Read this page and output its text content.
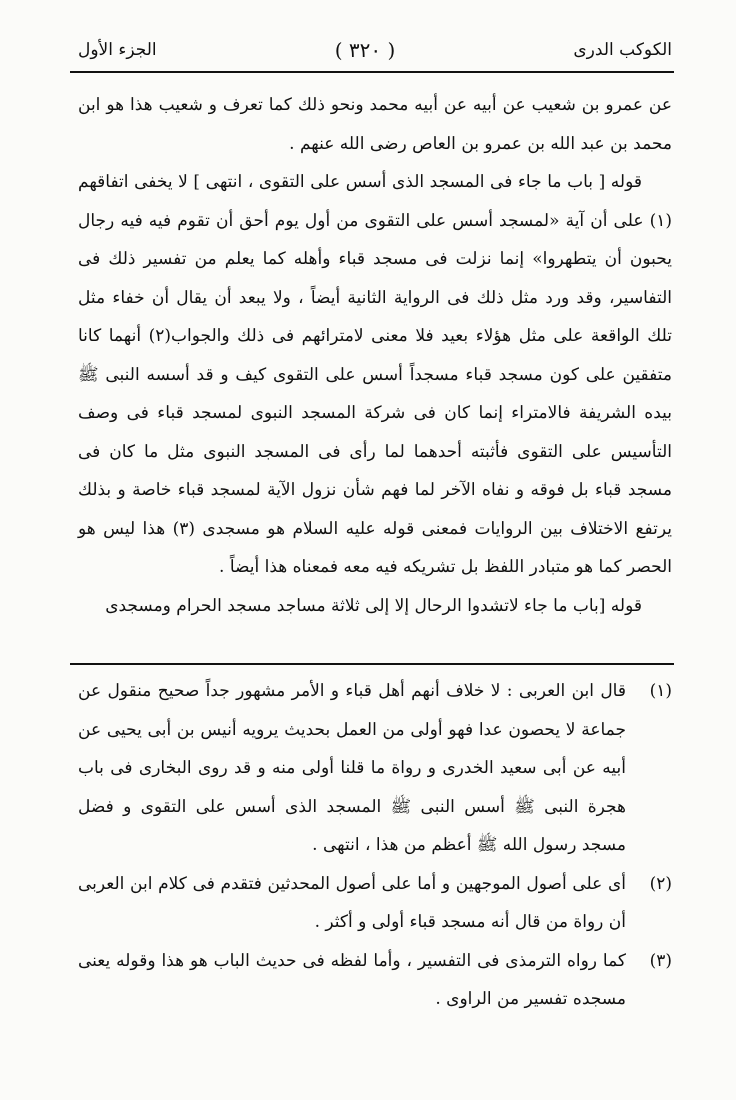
الجزء الأول	( ٣٢٠ )	الكوكب الدرى

عن عمرو بن شعيب عن أبيه عن أبيه محمد ونحو ذلك كما تعرف و شعيب هذا هو ابن محمد بن عبد الله بن عمرو بن العاص رضى الله عنهم .

قوله [ باب ما جاء فى المسجد الذى أسس على التقوى ، انتهى ] لا يخفى اتفاقهم (١) على أن آية «لمسجد أسس على التقوى من أول يوم أحق أن تقوم فيه فيه رجال يحبون أن يتطهروا» إنما نزلت فى مسجد قباء وأهله كما يعلم من تفسير ذلك فى التفاسير، وقد ورد مثل ذلك فى الرواية الثانية أيضاً ، ولا يبعد أن يقال أن خفاء مثل تلك الواقعة على مثل هؤلاء بعيد فلا معنى لامترائهم فى ذلك والجواب(٢) أنهما كانا متفقين على كون مسجد قباء مسجداً أسس على التقوى كيف و قد أسسه النبى ﷺ بيده الشريفة فالامتراء إنما كان فى شركة المسجد النبوى لمسجد قباء فى وصف التأسيس على التقوى فأثبته أحدهما لما رأى فى المسجد النبوى مثل ما كان فى مسجد قباء بل فوقه و نفاه الآخر لما فهم شأن نزول الآية لمسجد قباء خاصة و بذلك يرتفع الاختلاف بين الروايات فمعنى قوله عليه السلام هو مسجدى (٣) هذا ليس هو الحصر كما هو متبادر اللفظ بل تشريكه فيه معه فمعناه هذا أيضاً .

قوله [باب ما جاء لاتشدوا الرحال إلا إلى ثلاثة مساجد مسجد الحرام ومسجدى

(١)
قال ابن العربى : لا خلاف أنهم أهل قباء و الأمر مشهور جداً صحيح منقول عن جماعة لا يحصون عدا فهو أولى من العمل بحديث يرويه أنيس بن أبى يحيى عن أبيه عن أبى سعيد الخدرى و رواة ما قلنا أولى منه و قد روى البخارى فى باب هجرة النبى ﷺ أسس النبى ﷺ المسجد الذى أسس على التقوى و فضل مسجد رسول الله ﷺ أعظم من هذا ، انتهى .
(٢)
أى على أصول الموجهين و أما على أصول المحدثين فتقدم فى كلام ابن العربى أن رواة من قال أنه مسجد قباء أولى و أكثر .
(٣)
كما رواه الترمذى فى التفسير ، وأما لفظه فى حديث الباب هو هذا وقوله يعنى مسجده تفسير من الراوى .
